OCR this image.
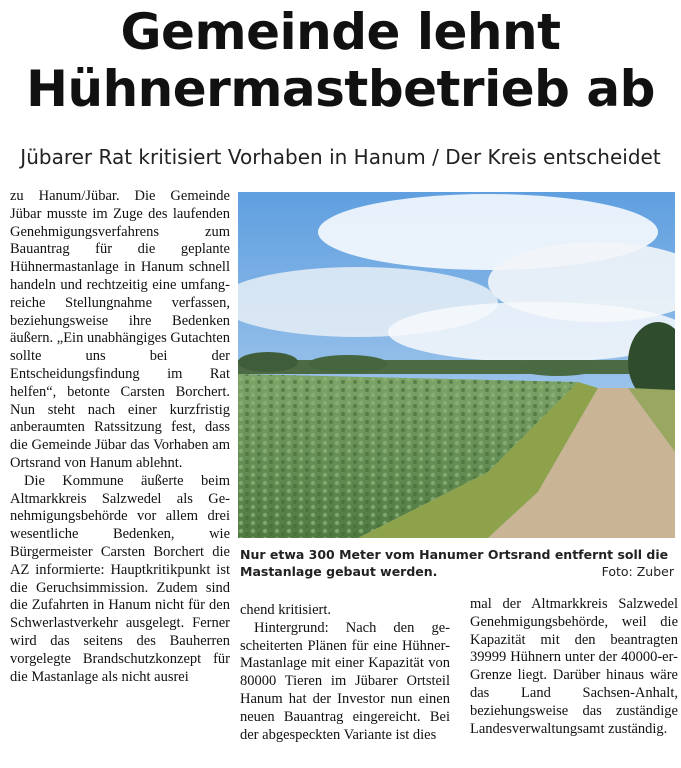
Gemeinde lehnt
Hühnermastbetrieb ab
Jübarer Rat kritisiert Vorhaben in Hanum / Der Kreis entscheidet

zu Hanum/Jübar. Die Gemeinde Jübar musste im Zuge des laufenden Genehmigungsverfahrens zum Bauantrag für die geplante Hühnermastanlage in Hanum schnell handeln und rechtzeitig eine umfangreiche Stellungnahme verfassen, beziehungsweise ihre Bedenken äußern. „Ein unabhängiges Gutachten sollte uns bei der Entscheidungsfindung im Rat helfen“, betonte Carsten Borchert. Nun steht nach einer kurzfristig anberaumten Ratssitzung fest, dass die Gemeinde Jübar das Vorhaben am Ortsrand von Hanum ablehnt.

Die Kommune äußerte beim Altmarkkreis Salzwedel als Genehmigungsbehörde vor allem drei wesentliche Bedenken, wie Bürgermeister Carsten Borchert die AZ informierte: Hauptkritikpunkt ist die Geruchsimmission. Zudem sind die Zufahrten in Hanum nicht für den Schwerlastverkehr ausgelegt. Ferner wird das seitens des Bauherren vorgelegte Brandschutzkonzept für die Mastanlage als nicht ausrei

Nur etwa 300 Meter vom Hanumer Ortsrand entfernt soll die Mastanlage gebaut werden.	Foto: Zuber

chend kritisiert.

Hintergrund: Nach den gescheiterten Plänen für eine Hühner-Mastanlage mit einer Kapazität von 80000 Tieren im Jübarer Ortsteil Hanum hat der Investor nun einen neuen Bauantrag eingereicht. Bei der abgespeckten Variante ist dies

mal der Altmarkkreis Salzwedel Genehmigungsbehörde, weil die Kapazität mit den beantragten 39999 Hühnern unter der 40000-er-Grenze liegt. Darüber hinaus wäre das Land Sachsen-Anhalt, beziehungsweise das zuständige Landesverwaltungsamt zuständig.
